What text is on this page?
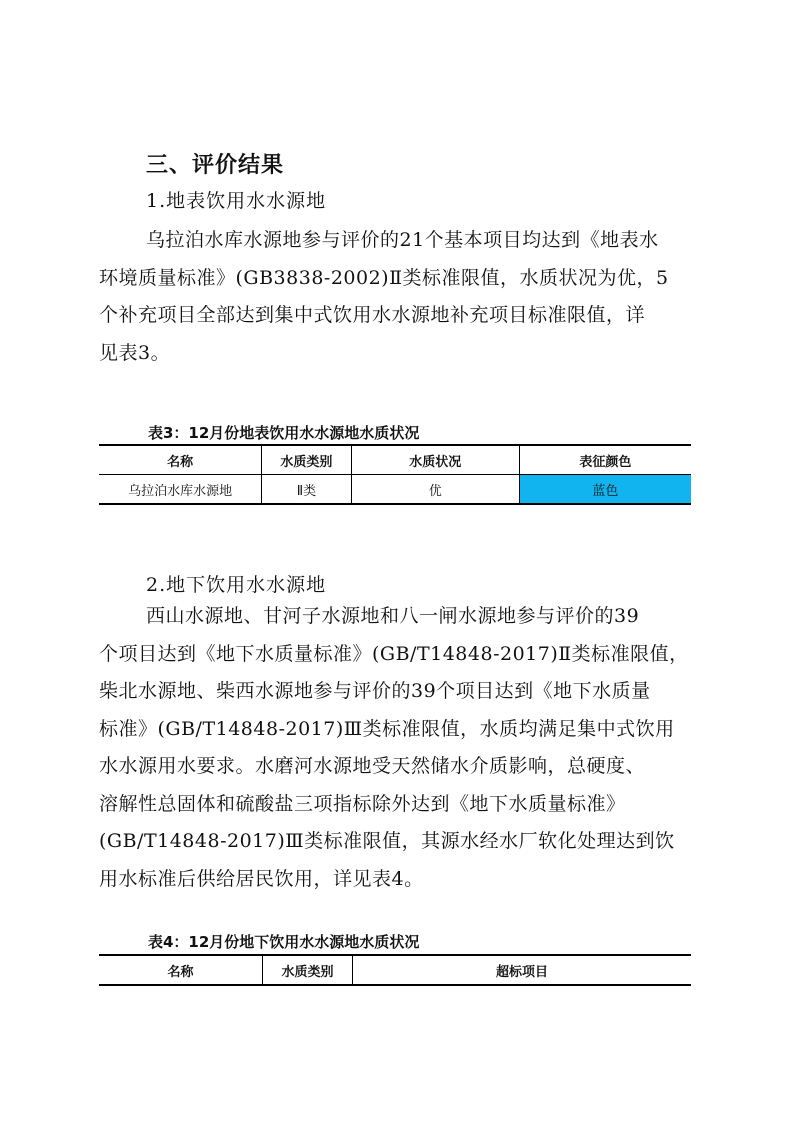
三、评价结果
1.地表饮用水水源地
乌拉泊水库水源地参与评价的21个基本项目均达到《地表水
环境质量标准》(GB3838-2002)Ⅱ类标准限值，水质状况为优，5
个补充项目全部达到集中式饮用水水源地补充项目标准限值，详
见表3。
表3：12月份地表饮用水水源地水质状况
名称	水质类别	水质状况	表征颜色
乌拉泊水库水源地	Ⅱ类	优	蓝色
2.地下饮用水水源地
西山水源地、甘河子水源地和八一闸水源地参与评价的39
个项目达到《地下水质量标准》(GB/T14848-2017)Ⅱ类标准限值，
柴北水源地、柴西水源地参与评价的39个项目达到《地下水质量
标准》(GB/T14848-2017)Ⅲ类标准限值，水质均满足集中式饮用
水水源用水要求。水磨河水源地受天然储水介质影响，总硬度、
溶解性总固体和硫酸盐三项指标除外达到《地下水质量标准》
(GB/T14848-2017)Ⅲ类标准限值，其源水经水厂软化处理达到饮
用水标准后供给居民饮用，详见表4。
表4：12月份地下饮用水水源地水质状况
名称	水质类别	超标项目
